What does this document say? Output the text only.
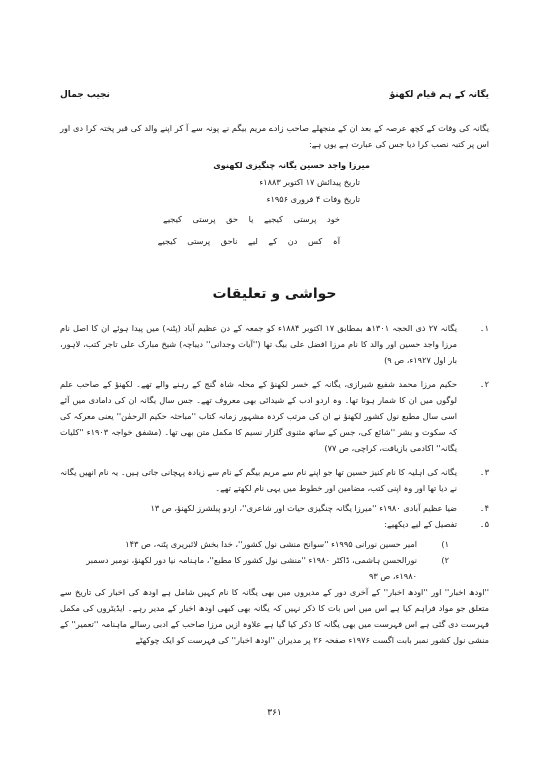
یگانہ کے ہم قیام لکھنؤ
نجیب جمال
یگانہ کی وفات کے کچھ عرصہ کے بعد ان کے منجھلے صاحب زادے مریم بیگم نے پونہ سے آ کر اپنے والد کی قبر پختہ کرا دی اور اس پر کتبہ نصب کرا دیا جس کی عبارت ہے یوں ہے:
میرزا واجد حسین یگانہ چنگیزی لکھنوی
تاریخ پیدائش ۱۷ اکتوبر ۱۸۸۳ء
تاریخ وفات ۴ فروری ۱۹۵۶ء
خود پرستی کیجیے یا حق پرستی کیجیے
آہ کس دن کے لیے ناحق پرستی کیجیے
حواشی و تعلیقات
۱۔
یگانہ ۲۷ ذی الحجہ ۱۳۰۱ھ بمطابق ۱۷ اکتوبر ۱۸۸۴ء کو جمعہ کے دن عظیم آباد (پٹنہ) میں پیدا ہوئے ان کا اصل نام مرزا واجد حسین اور والد کا نام مرزا افضل علی بیگ تھا (''آیات وجدانی'' دیباچہ) شیخ مبارک علی تاجر کتب، لاہور، بار اول ۱۹۲۷ء، ص ۹)
۲۔
حکیم مرزا محمد شفیع شیرازی، یگانہ کے خسر لکھنؤ کے محلہ شاہ گنج کے رہنے والے تھے۔ لکھنؤ کے صاحب علم لوگوں میں ان کا شمار ہوتا تھا۔ وہ اردو ادب کے شیدائی بھی معروف تھے۔ جس سال یگانہ ان کی دامادی میں آئے اسی سال مطبع نول کشور لکھنؤ نے ان کی مرتب کردہ مشہور زمانہ کتاب ''مباحثہ حکیم الرحمٰن'' یعنی معرکہ کی کہ سکوت و بشر ''شائع کی، جس کے ساتھ مثنوی گلزار نسیم کا مکمل متن بھی تھا۔ (مشفق خواجہ ۱۹۰۳ء ''کلیات یگانہ'' اکادمی بازیافت، کراچی، ص ۷۷)
۳۔
یگانہ کی اہلیہ کا نام کنیز حسین تھا جو اپنے نام سے مریم بیگم کے نام سے زیادہ پہچانی جاتی ہیں۔ یہ نام انھیں یگانہ نے دیا تھا اور وہ اپنی کتب، مضامین اور خطوط میں یہی نام لکھتے تھے۔
۴۔
ضیا عظیم آبادی ۱۹۸۰ء ''میرزا یگانہ چنگیزی حیات اور شاعری''، اردو پبلشرز لکھنؤ، ص ۱۳
۵۔
تفصیل کے لیے دیکھیے:
۱)
امیر حسین نورانی ۱۹۹۵ء ''سوانح منشی نول کشور''، خدا بخش لائبریری پٹنہ، ص ۱۴۳
۲)
نورالحسن ہاشمی، ڈاکٹر ۱۹۸۰ء ''منشی نول کشور کا مطبع''، ماہنامہ نیا دور لکھنؤ، نومبر دسمبر ۱۹۸۰ء، ص ۹۳
''اودھ اخبار'' اور ''اودھ اخبار'' کے آخری دور کے مدیروں میں بھی یگانہ کا نام کہیں شامل ہے اودھ کی اخبار کی تاریخ سے متعلق جو مواد فراہم کیا ہے اس میں اس بات کا ذکر نہیں کہ یگانہ بھی کبھی اودھ اخبار کے مدیر رہے۔ ایڈیٹروں کی مکمل فہرست دی گئی ہے اس فہرست میں بھی یگانہ کا ذکر کیا گیا ہے علاوہ ازیں مرزا صاحب کے ادبی رسالے ماہنامہ ''تعمیر'' کے منشی نول کشور نمبر بابت اگست ۱۹۷۶ء صفحہ ۲۶ پر مدیران ''اودھ اخبار'' کی فہرست کو ایک چوکھٹے
۳۶۱
